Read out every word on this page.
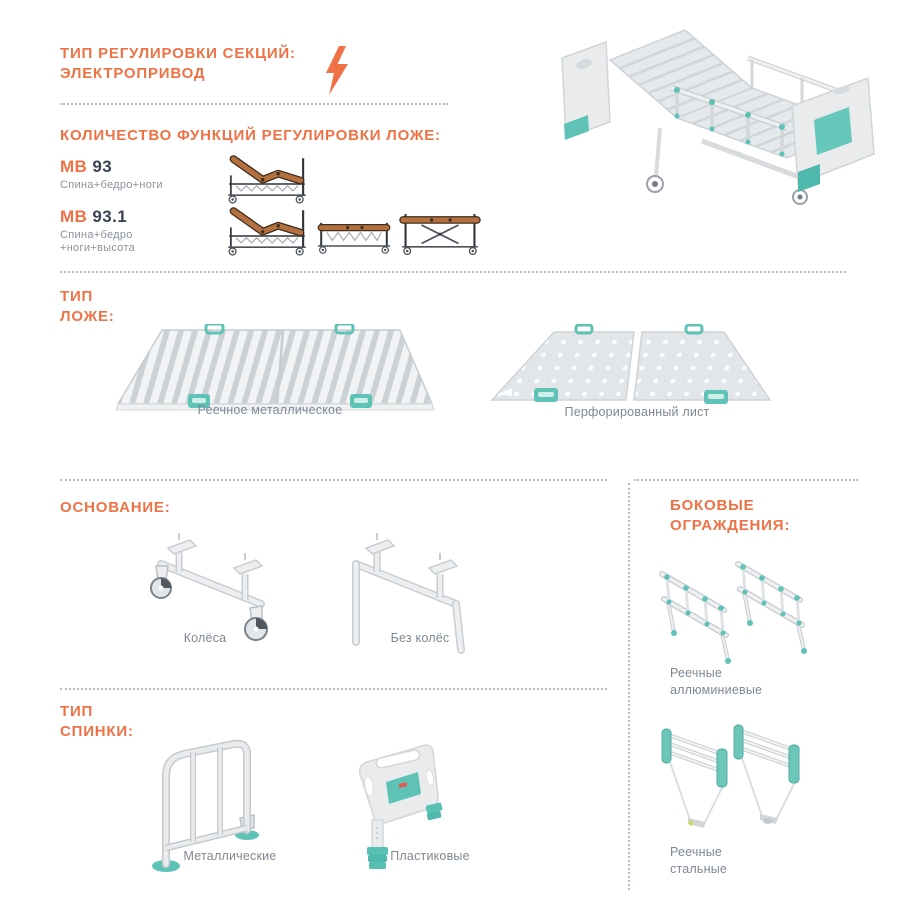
ТИП РЕГУЛИРОВКИ СЕКЦИЙ:
ЭЛЕКТРОПРИВОД
КОЛИЧЕСТВО ФУНКЦИЙ РЕГУЛИРОВКИ ЛОЖЕ:
МВ 93
Спина+бедро+ноги
МВ 93.1
Спина+бедро
+ноги+высота
ТИП
ЛОЖЕ:
Реечное металлическое	Перфорированный лист
ОСНОВАНИЕ:
Колёса	Без колёс
ТИП
СПИНКИ:
Металлические	Пластиковые
БОКОВЫЕ
ОГРАЖДЕНИЯ:
Реечные
аллюминиевые
Реечные
стальные
